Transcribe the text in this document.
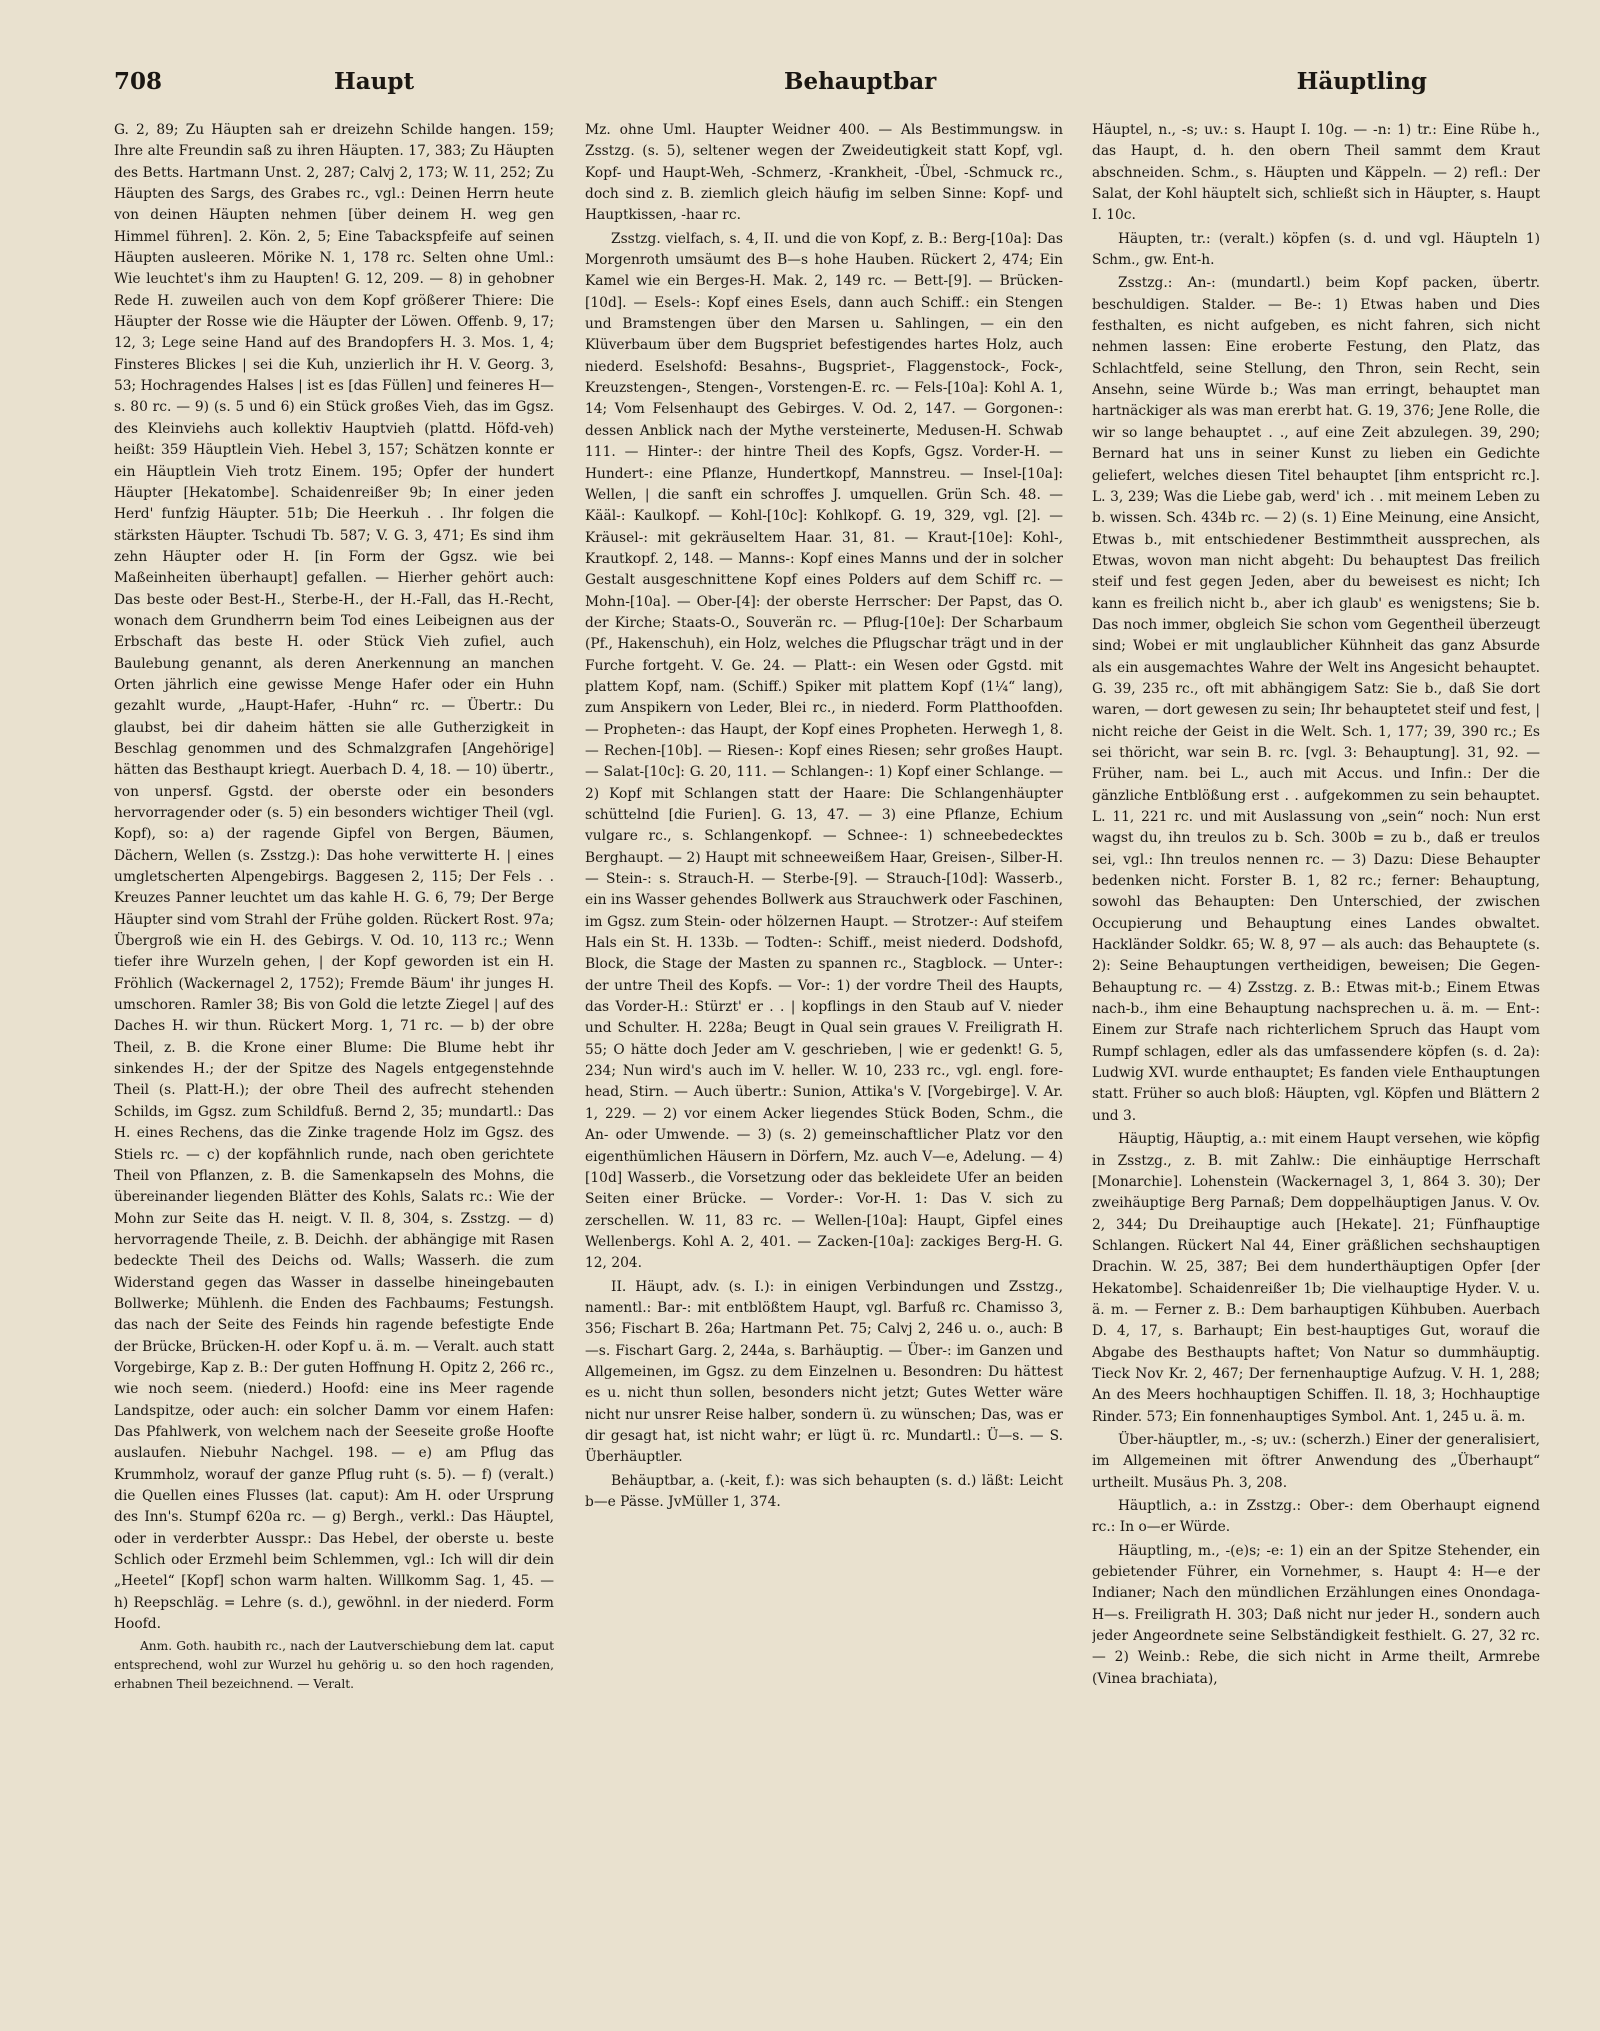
708	Haupt	Behauptbar	Häuptling

G. 2, 89; Zu Häupten sah er dreizehn Schilde hangen. 159; Ihre alte Freundin saß zu ihren Häupten. 17, 383; Zu Häupten des Betts. Hartmann Unst. 2, 287; Calvj 2, 173; W. 11, 252; Zu Häupten des Sargs, des Grabes rc., vgl.: Deinen Herrn heute von deinen Häupten nehmen [über deinem H. weg gen Himmel führen]. 2. Kön. 2, 5; Eine Tabackspfeife auf seinen Häupten ausleeren. Mörike N. 1, 178 rc. Selten ohne Uml.: Wie leuchtet's ihm zu Haupten! G. 12, 209. — 8) in gehobner Rede H. zuweilen auch von dem Kopf größerer Thiere: Die Häupter der Rosse wie die Häupter der Löwen. Offenb. 9, 17; 12, 3; Lege seine Hand auf des Brandopfers H. 3. Mos. 1, 4; Finsteres Blickes | sei die Kuh, unzierlich ihr H. V. Georg. 3, 53; Hochragendes Halses | ist es [das Füllen] und feineres H—s. 80 rc. — 9) (s. 5 und 6) ein Stück großes Vieh, das im Ggsz. des Kleinviehs auch kollektiv Hauptvieh (plattd. Höfd-veh) heißt: 359 Häuptlein Vieh. Hebel 3, 157; Schätzen konnte er ein Häuptlein Vieh trotz Einem. 195; Opfer der hundert Häupter [Hekatombe]. Schaidenreißer 9b; In einer jeden Herd' funfzig Häupter. 51b; Die Heerkuh . . Ihr folgen die stärksten Häupter. Tschudi Tb. 587; V. G. 3, 471; Es sind ihm zehn Häupter oder H. [in Form der Ggsz. wie bei Maßeinheiten überhaupt] gefallen. — Hierher gehört auch: Das beste oder Best-H., Sterbe-H., der H.-Fall, das H.-Recht, wonach dem Grundherrn beim Tod eines Leibeignen aus der Erbschaft das beste H. oder Stück Vieh zufiel, auch Baulebung genannt, als deren Anerkennung an manchen Orten jährlich eine gewisse Menge Hafer oder ein Huhn gezahlt wurde, „Haupt-Hafer, -Huhn“ rc. — Übertr.: Du glaubst, bei dir daheim hätten sie alle Gutherzigkeit in Beschlag genommen und des Schmalzgrafen [Angehörige] hätten das Besthaupt kriegt. Auerbach D. 4, 18. — 10) übertr., von unpersf. Ggstd. der oberste oder ein besonders hervorragender oder (s. 5) ein besonders wichtiger Theil (vgl. Kopf), so: a) der ragende Gipfel von Bergen, Bäumen, Dächern, Wellen (s. Zsstzg.): Das hohe verwitterte H. | eines umgletscherten Alpengebirgs. Baggesen 2, 115; Der Fels . . Kreuzes Panner leuchtet um das kahle H. G. 6, 79; Der Berge Häupter sind vom Strahl der Frühe golden. Rückert Rost. 97a; Übergroß wie ein H. des Gebirgs. V. Od. 10, 113 rc.; Wenn tiefer ihre Wurzeln gehen, | der Kopf geworden ist ein H. Fröhlich (Wackernagel 2, 1752); Fremde Bäum' ihr junges H. umschoren. Ramler 38; Bis von Gold die letzte Ziegel | auf des Daches H. wir thun. Rückert Morg. 1, 71 rc. — b) der obre Theil, z. B. die Krone einer Blume: Die Blume hebt ihr sinkendes H.; der der Spitze des Nagels entgegenstehnde Theil (s. Platt-H.); der obre Theil des aufrecht stehenden Schilds, im Ggsz. zum Schildfuß. Bernd 2, 35; mundartl.: Das H. eines Rechens, das die Zinke tragende Holz im Ggsz. des Stiels rc. — c) der kopfähnlich runde, nach oben gerichtete Theil von Pflanzen, z. B. die Samenkapseln des Mohns, die übereinander liegenden Blätter des Kohls, Salats rc.: Wie der Mohn zur Seite das H. neigt. V. Il. 8, 304, s. Zsstzg. — d) hervorragende Theile, z. B. Deichh. der abhängige mit Rasen bedeckte Theil des Deichs od. Walls; Wasserh. die zum Widerstand gegen das Wasser in dasselbe hineingebauten Bollwerke; Mühlenh. die Enden des Fachbaums; Festungsh. das nach der Seite des Feinds hin ragende befestigte Ende der Brücke, Brücken-H. oder Kopf u. ä. m. — Veralt. auch statt Vorgebirge, Kap z. B.: Der guten Hoffnung H. Opitz 2, 266 rc., wie noch seem. (niederd.) Hoofd: eine ins Meer ragende Landspitze, oder auch: ein solcher Damm vor einem Hafen: Das Pfahlwerk, von welchem nach der Seeseite große Hoofte auslaufen. Niebuhr Nachgel. 198. — e) am Pflug das Krummholz, worauf der ganze Pflug ruht (s. 5). — f) (veralt.) die Quellen eines Flusses (lat. caput): Am H. oder Ursprung des Inn's. Stumpf 620a rc. — g) Bergh., verkl.: Das Häuptel, oder in verderbter Ausspr.: Das Hebel, der oberste u. beste Schlich oder Erzmehl beim Schlemmen, vgl.: Ich will dir dein „Heetel“ [Kopf] schon warm halten. Willkomm Sag. 1, 45. — h) Reepschläg. = Lehre (s. d.), gewöhnl. in der niederd. Form Hoofd.

Anm. Goth. haubith rc., nach der Lautverschiebung dem lat. caput entsprechend, wohl zur Wurzel hu gehörig u. so den hoch ragenden, erhabnen Theil bezeichnend. — Veralt.

Mz. ohne Uml. Haupter Weidner 400. — Als Bestimmungsw. in Zsstzg. (s. 5), seltener wegen der Zweideutigkeit statt Kopf, vgl. Kopf- und Haupt-Weh, -Schmerz, -Krankheit, -Übel, -Schmuck rc., doch sind z. B. ziemlich gleich häufig im selben Sinne: Kopf- und Hauptkissen, -haar rc.

Zsstzg. vielfach, s. 4, II. und die von Kopf, z. B.: Berg-[10a]: Das Morgenroth umsäumt des B—s hohe Hauben. Rückert 2, 474; Ein Kamel wie ein Berges-H. Mak. 2, 149 rc. — Bett-[9]. — Brücken-[10d]. — Esels-: Kopf eines Esels, dann auch Schiff.: ein Stengen und Bramstengen über den Marsen u. Sahlingen, — ein den Klüverbaum über dem Bugspriet befestigendes hartes Holz, auch niederd. Eselshofd: Besahns-, Bugspriet-, Flaggenstock-, Fock-, Kreuzstengen-, Stengen-, Vorstengen-E. rc. — Fels-[10a]: Kohl A. 1, 14; Vom Felsenhaupt des Gebirges. V. Od. 2, 147. — Gorgonen-: dessen Anblick nach der Mythe versteinerte, Medusen-H. Schwab 111. — Hinter-: der hintre Theil des Kopfs, Ggsz. Vorder-H. — Hundert-: eine Pflanze, Hundertkopf, Mannstreu. — Insel-[10a]: Wellen, | die sanft ein schroffes J. umquellen. Grün Sch. 48. — Kääl-: Kaulkopf. — Kohl-[10c]: Kohlkopf. G. 19, 329, vgl. [2]. — Kräusel-: mit gekräuseltem Haar. 31, 81. — Kraut-[10e]: Kohl-, Krautkopf. 2, 148. — Manns-: Kopf eines Manns und der in solcher Gestalt ausgeschnittene Kopf eines Polders auf dem Schiff rc. — Mohn-[10a]. — Ober-[4]: der oberste Herrscher: Der Papst, das O. der Kirche; Staats-O., Souverän rc. — Pflug-[10e]: Der Scharbaum (Pf., Hakenschuh), ein Holz, welches die Pflugschar trägt und in der Furche fortgeht. V. Ge. 24. — Platt-: ein Wesen oder Ggstd. mit plattem Kopf, nam. (Schiff.) Spiker mit plattem Kopf (1¼“ lang), zum Anspikern von Leder, Blei rc., in niederd. Form Platthoofden. — Propheten-: das Haupt, der Kopf eines Propheten. Herwegh 1, 8. — Rechen-[10b]. — Riesen-: Kopf eines Riesen; sehr großes Haupt. — Salat-[10c]: G. 20, 111. — Schlangen-: 1) Kopf einer Schlange. — 2) Kopf mit Schlangen statt der Haare: Die Schlangenhäupter schüttelnd [die Furien]. G. 13, 47. — 3) eine Pflanze, Echium vulgare rc., s. Schlangenkopf. — Schnee-: 1) schneebedecktes Berghaupt. — 2) Haupt mit schneeweißem Haar, Greisen-, Silber-H. — Stein-: s. Strauch-H. — Sterbe-[9]. — Strauch-[10d]: Wasserb., ein ins Wasser gehendes Bollwerk aus Strauchwerk oder Faschinen, im Ggsz. zum Stein- oder hölzernen Haupt. — Strotzer-: Auf steifem Hals ein St. H. 133b. — Todten-: Schiff., meist niederd. Dodshofd, Block, die Stage der Masten zu spannen rc., Stagblock. — Unter-: der untre Theil des Kopfs. — Vor-: 1) der vordre Theil des Haupts, das Vorder-H.: Stürzt' er . . | kopflings in den Staub auf V. nieder und Schulter. H. 228a; Beugt in Qual sein graues V. Freiligrath H. 55; O hätte doch Jeder am V. geschrieben, | wie er gedenkt! G. 5, 234; Nun wird's auch im V. heller. W. 10, 233 rc., vgl. engl. fore-head, Stirn. — Auch übertr.: Sunion, Attika's V. [Vorgebirge]. V. Ar. 1, 229. — 2) vor einem Acker liegendes Stück Boden, Schm., die An- oder Umwende. — 3) (s. 2) gemeinschaftlicher Platz vor den eigenthümlichen Häusern in Dörfern, Mz. auch V—e, Adelung. — 4) [10d] Wasserb., die Vorsetzung oder das bekleidete Ufer an beiden Seiten einer Brücke. — Vorder-: Vor-H. 1: Das V. sich zu zerschellen. W. 11, 83 rc. — Wellen-[10a]: Haupt, Gipfel eines Wellenbergs. Kohl A. 2, 401. — Zacken-[10a]: zackiges Berg-H. G. 12, 204.

II. Häupt, adv. (s. I.): in einigen Verbindungen und Zsstzg., namentl.: Bar-: mit entblößtem Haupt, vgl. Barfuß rc. Chamisso 3, 356; Fischart B. 26a; Hartmann Pet. 75; Calvj 2, 246 u. o., auch: B—s. Fischart Garg. 2, 244a, s. Barhäuptig. — Über-: im Ganzen und Allgemeinen, im Ggsz. zu dem Einzelnen u. Besondren: Du hättest es u. nicht thun sollen, besonders nicht jetzt; Gutes Wetter wäre nicht nur unsrer Reise halber, sondern ü. zu wünschen; Das, was er dir gesagt hat, ist nicht wahr; er lügt ü. rc. Mundartl.: Ü—s. — S. Überhäuptler.

Behäuptbar, a. (-keit, f.): was sich behaupten (s. d.) läßt: Leicht b—e Pässe. JvMüller 1, 374.

Häuptel, n., -s; uv.: s. Haupt I. 10g. — -n: 1) tr.: Eine Rübe h., das Haupt, d. h. den obern Theil sammt dem Kraut abschneiden. Schm., s. Häupten und Käppeln. — 2) refl.: Der Salat, der Kohl häuptelt sich, schließt sich in Häupter, s. Haupt I. 10c.

Häupten, tr.: (veralt.) köpfen (s. d. und vgl. Häupteln 1) Schm., gw. Ent-h.

Zsstzg.: An-: (mundartl.) beim Kopf packen, übertr. beschuldigen. Stalder. — Be-: 1) Etwas haben und Dies festhalten, es nicht aufgeben, es nicht fahren, sich nicht nehmen lassen: Eine eroberte Festung, den Platz, das Schlachtfeld, seine Stellung, den Thron, sein Recht, sein Ansehn, seine Würde b.; Was man erringt, behauptet man hartnäckiger als was man ererbt hat. G. 19, 376; Jene Rolle, die wir so lange behauptet . ., auf eine Zeit abzulegen. 39, 290; Bernard hat uns in seiner Kunst zu lieben ein Gedichte geliefert, welches diesen Titel behauptet [ihm entspricht rc.]. L. 3, 239; Was die Liebe gab, werd' ich . . mit meinem Leben zu b. wissen. Sch. 434b rc. — 2) (s. 1) Eine Meinung, eine Ansicht, Etwas b., mit entschiedener Bestimmtheit aussprechen, als Etwas, wovon man nicht abgeht: Du behauptest Das freilich steif und fest gegen Jeden, aber du beweisest es nicht; Ich kann es freilich nicht b., aber ich glaub' es wenigstens; Sie b. Das noch immer, obgleich Sie schon vom Gegentheil überzeugt sind; Wobei er mit unglaublicher Kühnheit das ganz Absurde als ein ausgemachtes Wahre der Welt ins Angesicht behauptet. G. 39, 235 rc., oft mit abhängigem Satz: Sie b., daß Sie dort waren, — dort gewesen zu sein; Ihr behauptetet steif und fest, | nicht reiche der Geist in die Welt. Sch. 1, 177; 39, 390 rc.; Es sei thöricht, war sein B. rc. [vgl. 3: Behauptung]. 31, 92. — Früher, nam. bei L., auch mit Accus. und Infin.: Der die gänzliche Entblößung erst . . aufgekommen zu sein behauptet. L. 11, 221 rc. und mit Auslassung von „sein“ noch: Nun erst wagst du, ihn treulos zu b. Sch. 300b = zu b., daß er treulos sei, vgl.: Ihn treulos nennen rc. — 3) Dazu: Diese Behaupter bedenken nicht. Forster B. 1, 82 rc.; ferner: Behauptung, sowohl das Behaupten: Den Unterschied, der zwischen Occupierung und Behauptung eines Landes obwaltet. Hackländer Soldkr. 65; W. 8, 97 — als auch: das Behauptete (s. 2): Seine Behauptungen vertheidigen, beweisen; Die Gegen-Behauptung rc. — 4) Zsstzg. z. B.: Etwas mit-b.; Einem Etwas nach-b., ihm eine Behauptung nachsprechen u. ä. m. — Ent-: Einem zur Strafe nach richterlichem Spruch das Haupt vom Rumpf schlagen, edler als das umfassendere köpfen (s. d. 2a): Ludwig XVI. wurde enthauptet; Es fanden viele Enthauptungen statt. Früher so auch bloß: Häupten, vgl. Köpfen und Blättern 2 und 3.

Häuptig, Häuptig, a.: mit einem Haupt versehen, wie köpfig in Zsstzg., z. B. mit Zahlw.: Die einhäuptige Herrschaft [Monarchie]. Lohenstein (Wackernagel 3, 1, 864 3. 30); Der zweihäuptige Berg Parnaß; Dem doppelhäuptigen Janus. V. Ov. 2, 344; Du Dreihauptige auch [Hekate]. 21; Fünfhauptige Schlangen. Rückert Nal 44, Einer gräßlichen sechshauptigen Drachin. W. 25, 387; Bei dem hunderthäuptigen Opfer [der Hekatombe]. Schaidenreißer 1b; Die vielhauptige Hyder. V. u. ä. m. — Ferner z. B.: Dem barhauptigen Kühbuben. Auerbach D. 4, 17, s. Barhaupt; Ein best-hauptiges Gut, worauf die Abgabe des Besthaupts haftet; Von Natur so dummhäuptig. Tieck Nov Kr. 2, 467; Der fernenhauptige Aufzug. V. H. 1, 288; An des Meers hochhauptigen Schiffen. Il. 18, 3; Hochhauptige Rinder. 573; Ein fonnenhauptiges Symbol. Ant. 1, 245 u. ä. m.

Über-häuptler, m., -s; uv.: (scherzh.) Einer der generalisiert, im Allgemeinen mit öftrer Anwendung des „Überhaupt“ urtheilt. Musäus Ph. 3, 208.

Häuptlich, a.: in Zsstzg.: Ober-: dem Oberhaupt eignend rc.: In o—er Würde.

Häuptling, m., -(e)s; -e: 1) ein an der Spitze Stehender, ein gebietender Führer, ein Vornehmer, s. Haupt 4: H—e der Indianer; Nach den mündlichen Erzählungen eines Onondaga-H—s. Freiligrath H. 303; Daß nicht nur jeder H., sondern auch jeder Angeordnete seine Selbständigkeit festhielt. G. 27, 32 rc. — 2) Weinb.: Rebe, die sich nicht in Arme theilt, Armrebe (Vinea brachiata),
